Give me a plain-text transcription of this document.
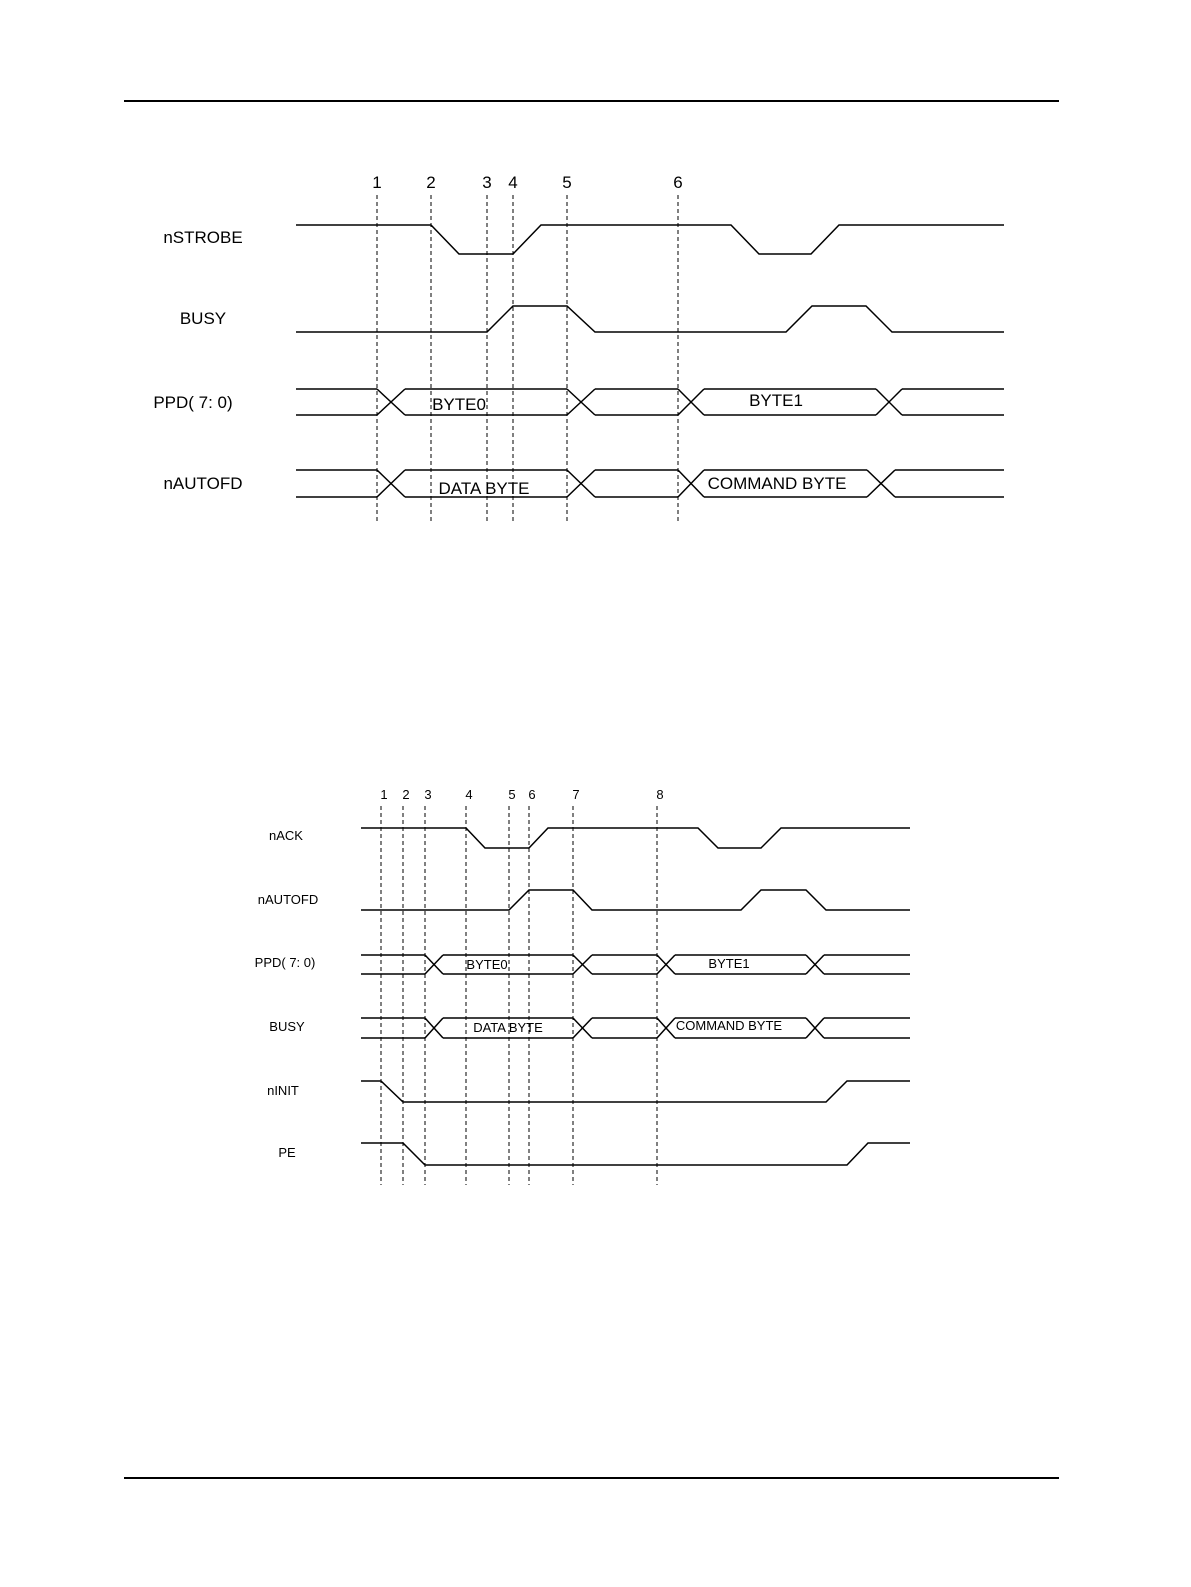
1	2	3 4	5	6
nSTROBE
BUSY
PPD( 7: 0)
nAUTOFD
BYTE0	BYTE1
DATA BYTE	COMMAND BYTE
1 2 3	4	5 6	7	8
nACK
nAUTOFD
PPD( 7: 0)
BUSY
nINIT
PE
BYTE0	BYTE1
DATA BYTE	COMMAND BYTE
